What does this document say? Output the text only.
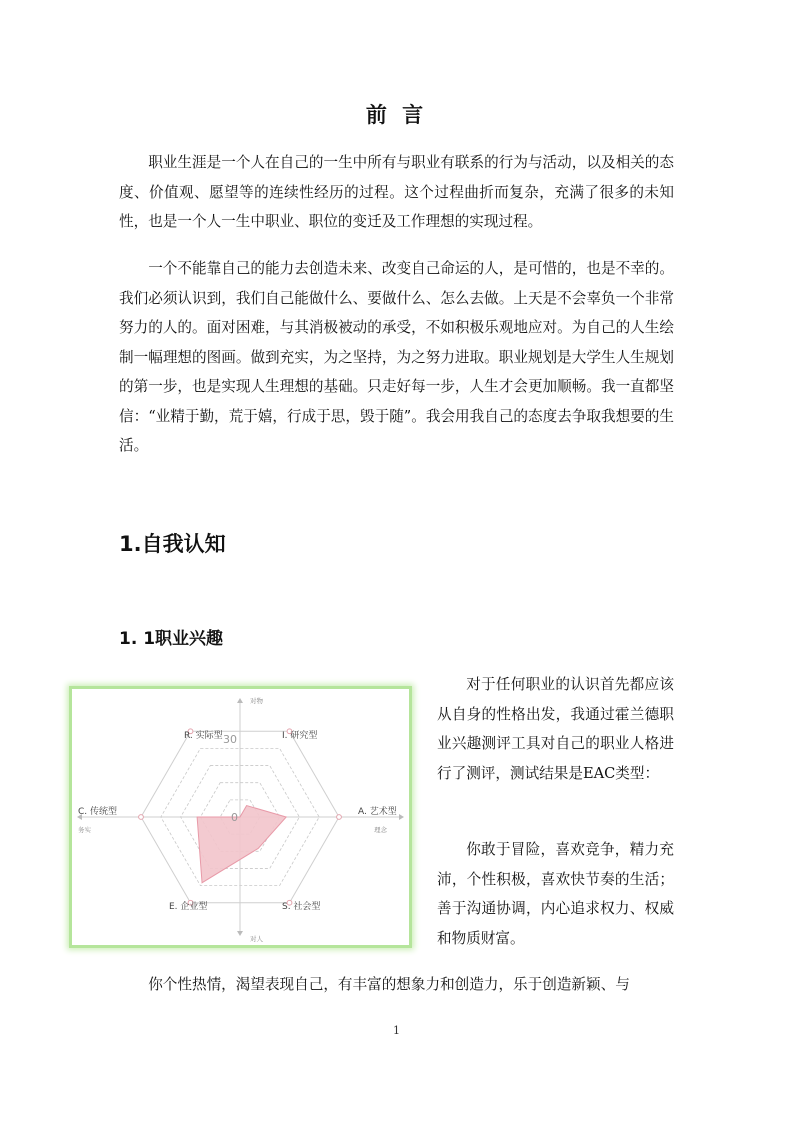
前 言

职业生涯是一个人在自己的一生中所有与职业有联系的行为与活动，以及相关的态度、价值观、愿望等的连续性经历的过程。这个过程曲折而复杂，充满了很多的未知性，也是一个人一生中职业、职位的变迁及工作理想的实现过程。

一个不能靠自己的能力去创造未来、改变自己命运的人，是可惜的，也是不幸的。我们必须认识到，我们自己能做什么、要做什么、怎么去做。上天是不会辜负一个非常努力的人的。面对困难，与其消极被动的承受，不如积极乐观地应对。为自己的人生绘制一幅理想的图画。做到充实，为之坚持，为之努力进取。职业规划是大学生人生规划的第一步，也是实现人生理想的基础。只走好每一步，人生才会更加顺畅。我一直都坚信：“业精于勤，荒于嬉，行成于思，毁于随”。我会用我自己的态度去争取我想要的生活。

1.自我认知
1. 1职业兴趣
R. 实际型	I. 研究型
A. 艺术型
S. 社会型
E. 企业型
C. 传统型
对物
对人
务实	理念
30
0

对于任何职业的认识首先都应该从自身的性格出发，我通过霍兰德职业兴趣测评工具对自己的职业人格进行了测评，测试结果是EAC类型：

你敢于冒险，喜欢竞争，精力充沛，个性积极，喜欢快节奏的生活；善于沟通协调，内心追求权力、权威和物质财富。

你个性热情，渴望表现自己，有丰富的想象力和创造力，乐于创造新颖、与

1
